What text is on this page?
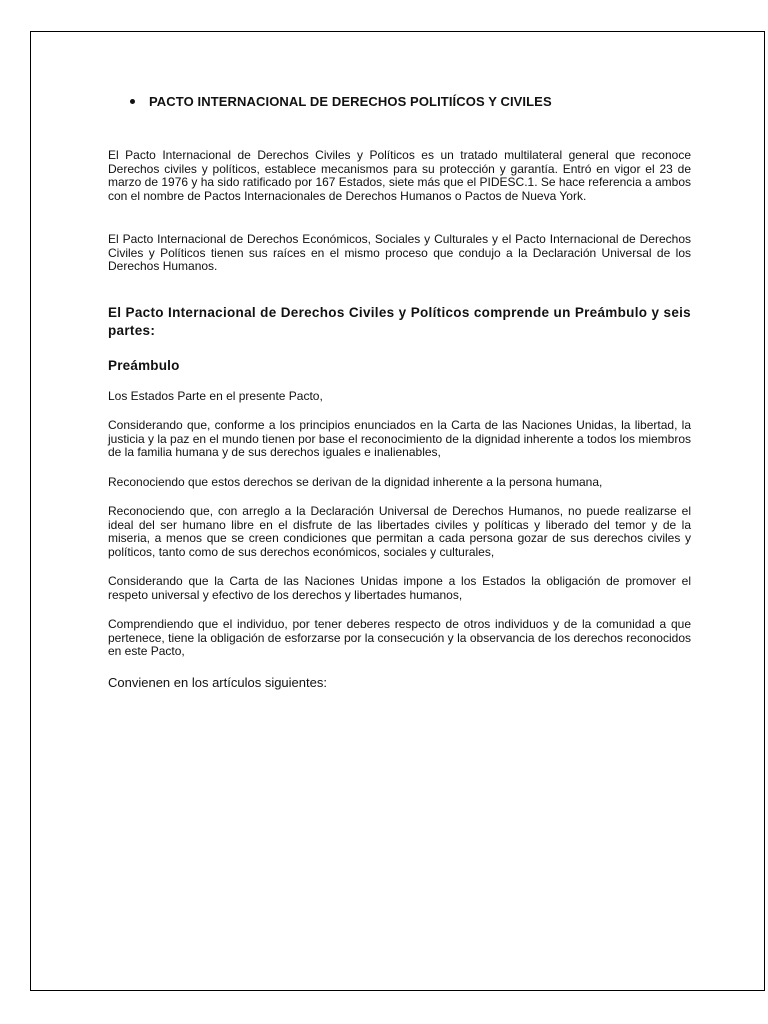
PACTO INTERNACIONAL DE DERECHOS POLITIÍCOS Y CIVILES

El Pacto Internacional de Derechos Civiles y Políticos es un tratado multilateral general que reconoce Derechos civiles y políticos, establece mecanismos para su protección y garantía. Entró en vigor el 23 de marzo de 1976 y ha sido ratificado por 167 Estados, siete más que el PIDESC.1. Se hace referencia a ambos con el nombre de Pactos Internacionales de Derechos Humanos o Pactos de Nueva York.

El Pacto Internacional de Derechos Económicos, Sociales y Culturales y el Pacto Internacional de Derechos Civiles y Políticos tienen sus raíces en el mismo proceso que condujo a la Declaración Universal de los Derechos Humanos.

El Pacto Internacional de Derechos Civiles y Políticos comprende un Preámbulo y seis partes:
Preámbulo

Los Estados Parte en el presente Pacto,

Considerando que, conforme a los principios enunciados en la Carta de las Naciones Unidas, la libertad, la justicia y la paz en el mundo tienen por base el reconocimiento de la dignidad inherente a todos los miembros de la familia humana y de sus derechos iguales e inalienables,

Reconociendo que estos derechos se derivan de la dignidad inherente a la persona humana,

Reconociendo que, con arreglo a la Declaración Universal de Derechos Humanos, no puede realizarse el ideal del ser humano libre en el disfrute de las libertades civiles y políticas y liberado del temor y de la miseria, a menos que se creen condiciones que permitan a cada persona gozar de sus derechos civiles y políticos, tanto como de sus derechos económicos, sociales y culturales,

Considerando que la Carta de las Naciones Unidas impone a los Estados la obligación de promover el respeto universal y efectivo de los derechos y libertades humanos,

Comprendiendo que el individuo, por tener deberes respecto de otros individuos y de la comunidad a que pertenece, tiene la obligación de esforzarse por la consecución y la observancia de los derechos reconocidos en este Pacto,

Convienen en los artículos siguientes:
